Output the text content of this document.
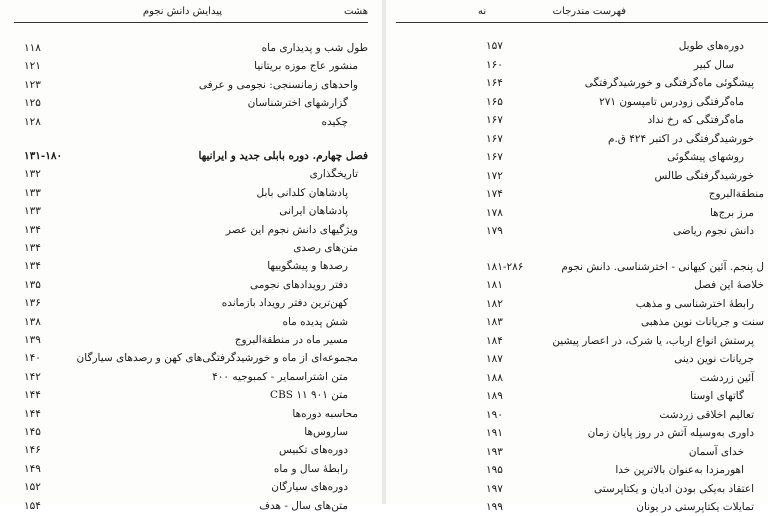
هشت
پیدایش دانش نجوم
طول شب و پدیداری ماه
۱۱۸
منشور عاج موزه بریتانیا
۱۲۱
واحدهای زمانسنجی: نجومی و عرفی
۱۲۳
گزارشهای اخترشناسان
۱۲۵
چکیده
۱۲۸
فصل چهارم. دوره بابلی جدید و ایرانیها
۱۳۱-۱۸۰
تاریخگذاری
۱۳۲
پادشاهان کلدانی بابل
۱۳۳
پادشاهان ایرانی
۱۳۳
ویژگیهای دانش نجوم این عصر
۱۳۴
متن‌های رصدی
۱۳۴
رصدها و پیشگوییها
۱۳۴
دفتر رویدادهای نجومی
۱۳۵
کهن‌ترین دفتر رویداد بازمانده
۱۳۶
شش پدیده ماه
۱۳۸
مسیر ماه در منطقةالبروج
۱۳۹
مجموعه‌ای از ماه و خورشیدگرفتگی‌های کهن و رصدهای سیارگان
۱۴۰
متن اشتراسمایر - کمبوجیه ۴۰۰
۱۴۲
متن ۹۰۱ ۱۱ CBS
۱۴۴
محاسبه دوره‌ها
۱۴۴
ساروس‌ها
۱۴۵
دوره‌های تکبیس
۱۴۶
رابطهٔ سال و ماه
۱۴۹
دوره‌های سیارگان
۱۵۲
متن‌های سال - هدف
۱۵۴
نه	فهرست مندرجات
دوره‌های طویل
۱۵۷
سال کبیر
۱۶۰
پیشگوئی ماه‌گرفتگی و خورشیدگرفتگی
۱۶۴
ماه‌گرفتگی زودرس تامپسون ۲۷۱
۱۶۵
ماه‌گرفتگی که رخ نداد
۱۶۷
خورشیدگرفتگی در اکتبر ۴۲۴ ق.م
۱۶۷
روشهای پیشگوئی
۱۶۷
خورشیدگرفتگی طالس
۱۷۲
منطقةالبروج
۱۷۴
مرز برج‌ها
۱۷۸
دانش نجوم ریاضی
۱۷۹
ل پنجم. آئین کیهانی - اخترشناسی. دانش نجوم
۱۸۱-۲۸۶
خلاصهٔ این فصل
۱۸۱
رابطهٔ اخترشناسی و مذهب
۱۸۲
سنت و جریانات نوین مذهبی
۱۸۳
پرستش انواع ارباب، یا شرک، در اعصار پیشین
۱۸۴
جریانات نوین دینی
۱۸۷
آئین زردشت
۱۸۸
گاتهای اوستا
۱۸۹
تعالیم اخلاقی زردشت
۱۹۰
داوری به‌وسیله آتش در روز پایان زمان
۱۹۱
خدای آسمان
۱۹۳
اهورمزدا به‌عنوان بالاترین خدا
۱۹۵
اعتقاد به‌یکی بودن ادیان و یکتاپرستی
۱۹۷
تمایلات یکتاپرستی در یونان
۱۹۹
